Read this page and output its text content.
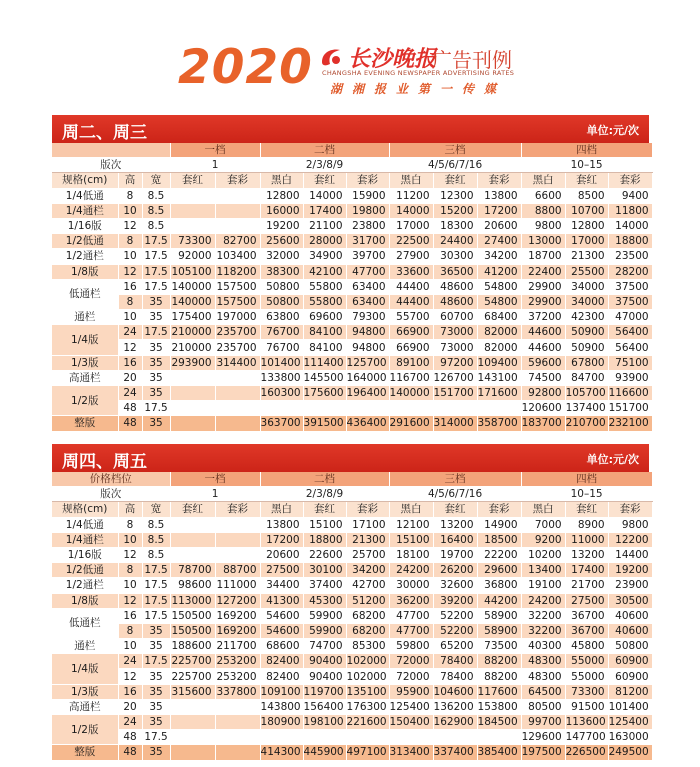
2020 长沙晚报
广告刊例
CHANGSHA EVENING NEWSPAPER ADVERTISING RATES
湖湘报业第一传媒
周二、周三	单位:元/次
			一档		二档			三档			四档		
版次			1		2/3/8/9			4/5/6/7/16			10–15		
规格(cm)	高	宽	套红	套彩	黑白	套红	套彩	黑白	套红	套彩	黑白	套红	套彩
1/4低通	8	8.5			12800	14000	15900	11200	12300	13800	6600	8500	9400
1/4通栏	10	8.5			16000	17400	19800	14000	15200	17200	8800	10700	11800
1/16版	12	8.5			19200	21100	23800	17000	18300	20600	9800	12800	14000
1/2低通	8	17.5	73300	82700	25600	28000	31700	22500	24400	27400	13000	17000	18800
1/2通栏	10	17.5	92000	103400	32000	34900	39700	27900	30300	34200	18700	21300	23500
1/8版	12	17.5	105100	118200	38300	42100	47700	33600	36500	41200	22400	25500	28200
低通栏	16	17.5	140000	157500	50800	55800	63400	44400	48600	54800	29900	34000	37500
	8	35	140000	157500	50800	55800	63400	44400	48600	54800	29900	34000	37500
通栏	10	35	175400	197000	63800	69600	79300	55700	60700	68400	37200	42300	47000
1/4版	24	17.5	210000	235700	76700	84100	94800	66900	73000	82000	44600	50900	56400
	12	35	210000	235700	76700	84100	94800	66900	73000	82000	44600	50900	56400
1/3版	16	35	293900	314400	101400	111400	125700	89100	97200	109400	59600	67800	75100
高通栏	20	35			133800	145500	164000	116700	126700	143100	74500	84700	93900
1/2版	24	35			160300	175600	196400	140000	151700	171600	92800	105700	116600
	48	17.5									120600	137400	151700
整版	48	35			363700	391500	436400	291600	314000	358700	183700	210700	232100
周四、周五	单位:元/次
价格档位			一档		二档			三档			四档		
版次			1		2/3/8/9			4/5/6/7/16			10–15		
规格(cm)	高	宽	套红	套彩	黑白	套红	套彩	黑白	套红	套彩	黑白	套红	套彩
1/4低通	8	8.5			13800	15100	17100	12100	13200	14900	7000	8900	9800
1/4通栏	10	8.5			17200	18800	21300	15100	16400	18500	9200	11000	12200
1/16版	12	8.5			20600	22600	25700	18100	19700	22200	10200	13200	14400
1/2低通	8	17.5	78700	88700	27500	30100	34200	24200	26200	29600	13400	17400	19200
1/2通栏	10	17.5	98600	111000	34400	37400	42700	30000	32600	36800	19100	21700	23900
1/8版	12	17.5	113000	127200	41300	45300	51200	36200	39200	44200	24200	27500	30500
低通栏	16	17.5	150500	169200	54600	59900	68200	47700	52200	58900	32200	36700	40600
	8	35	150500	169200	54600	59900	68200	47700	52200	58900	32200	36700	40600
通栏	10	35	188600	211700	68600	74700	85300	59800	65200	73500	40300	45800	50800
1/4版	24	17.5	225700	253200	82400	90400	102000	72000	78400	88200	48300	55000	60900
	12	35	225700	253200	82400	90400	102000	72000	78400	88200	48300	55000	60900
1/3版	16	35	315600	337800	109100	119700	135100	95900	104600	117600	64500	73300	81200
高通栏	20	35			143800	156400	176300	125400	136200	153800	80500	91500	101400
1/2版	24	35			180900	198100	221600	150400	162900	184500	99700	113600	125400
	48	17.5									129600	147700	163000
整版	48	35			414300	445900	497100	313400	337400	385400	197500	226500	249500
